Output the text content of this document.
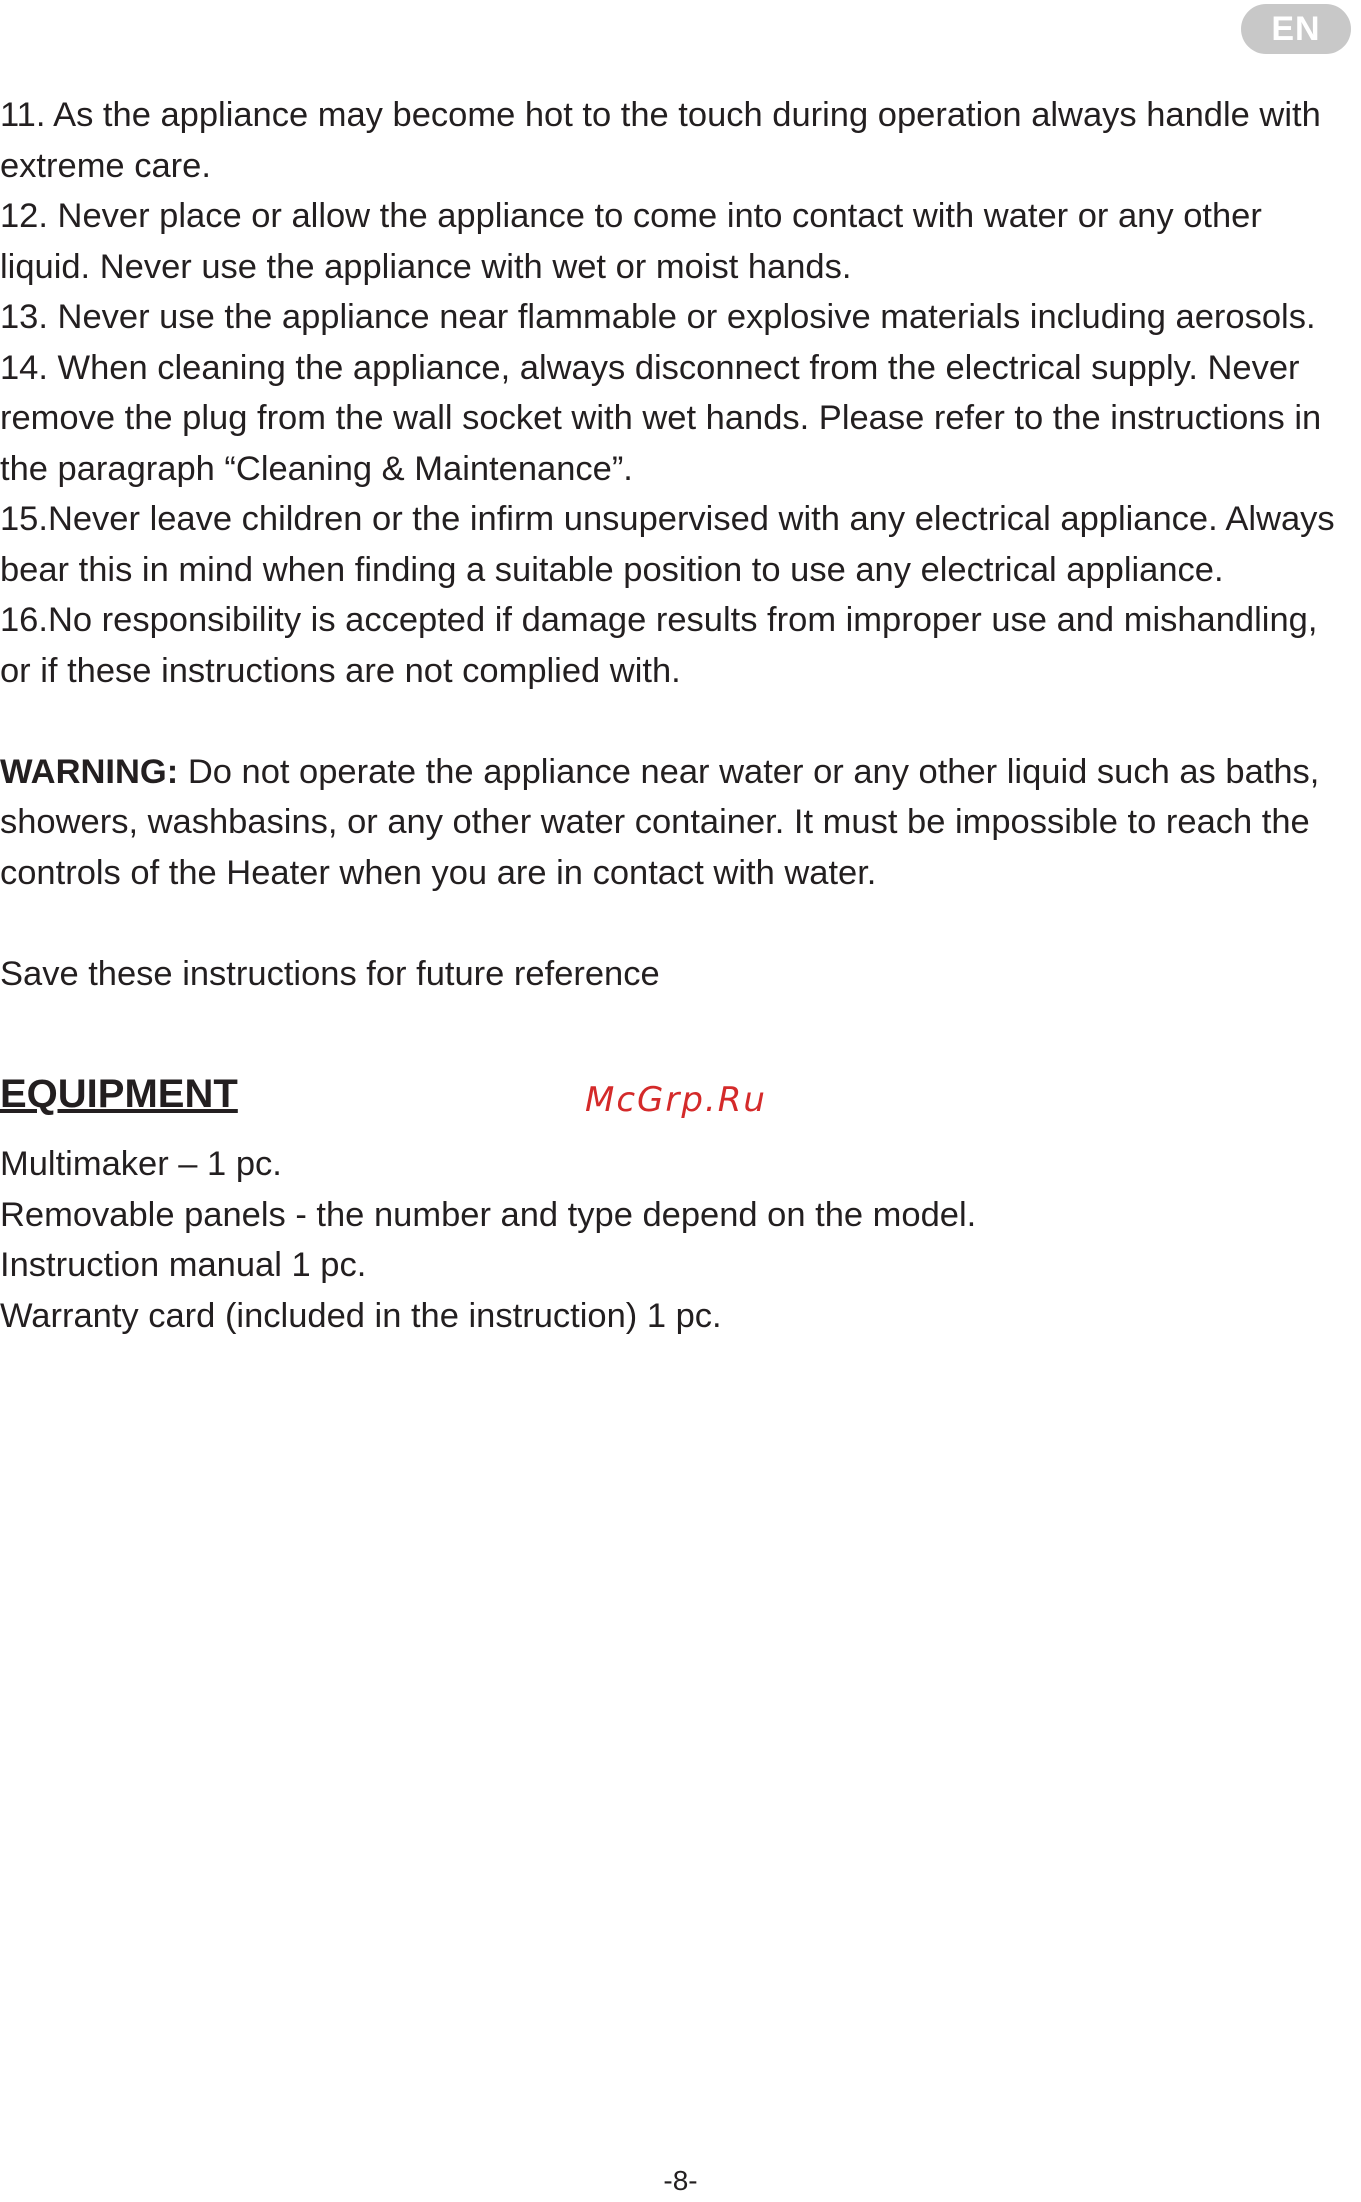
EN

11. As the appliance may become hot to the touch during operation always handle with extreme care.

12. Never place or allow the appliance to come into contact with water or any other liquid. Never use the appliance with wet or moist hands.

13. Never use the appliance near flammable or explosive materials including aerosols.

14. When cleaning the appliance, always disconnect from the electrical supply. Never remove the plug from the wall socket with wet hands. Please refer to the instructions in the paragraph “Cleaning & Maintenance”.

15.Never leave children or the infirm unsupervised with any electrical appliance. Always bear this in mind when finding a suitable position to use any electrical appliance.

16.No responsibility is accepted if damage results from improper use and mishandling, or if these instructions are not complied with.

WARNING: Do not operate the appliance near water or any other liquid such as baths, showers, washbasins, or any other water container. It must be impossible to reach the controls of the Heater when you are in contact with water.

Save these instructions for future reference

EQUIPMENT

Multimaker – 1 pc.

Removable panels - the number and type depend on the model.

Instruction manual 1 pc.

Warranty card (included in the instruction) 1 pc.

McGrp.Ru
-8-
